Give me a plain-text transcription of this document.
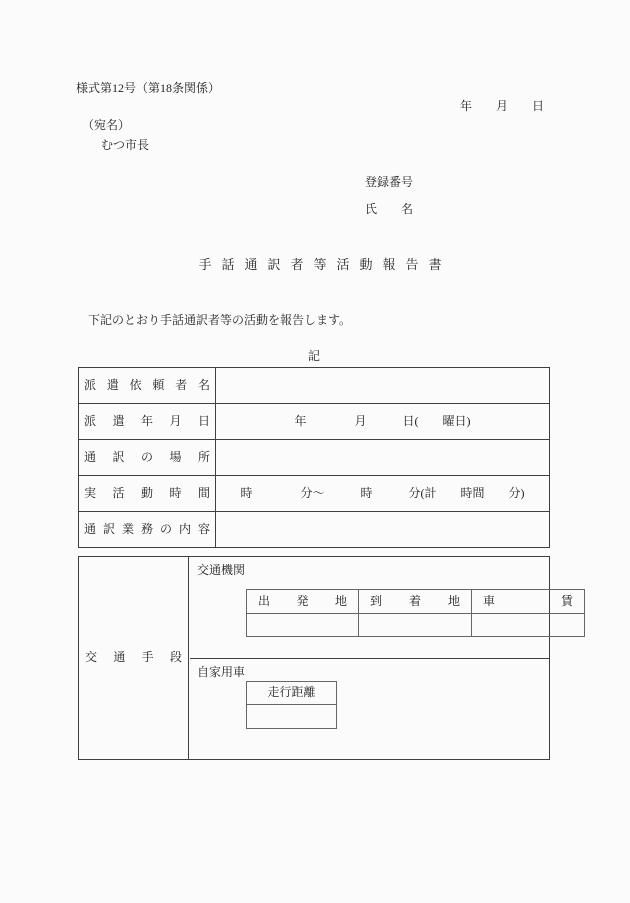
様式第12号（第18条関係）
年　　月　　日
（宛名）
むつ市長
登録番号
氏　　名
手話通訳者等活動報告書
下記のとおり手話通訳者等の活動を報告します。
記
派遣依頼者名	

派遣年月日	年　　　　月　　　日(　　曜日)

通訳の場所	

実活動時間	時　　　　分～　　　時　　　分(計　　時間　　分)

通訳業務の内容	

交通手段
交通機関
出発地	到着地	車賃

自家用車
走行距離
